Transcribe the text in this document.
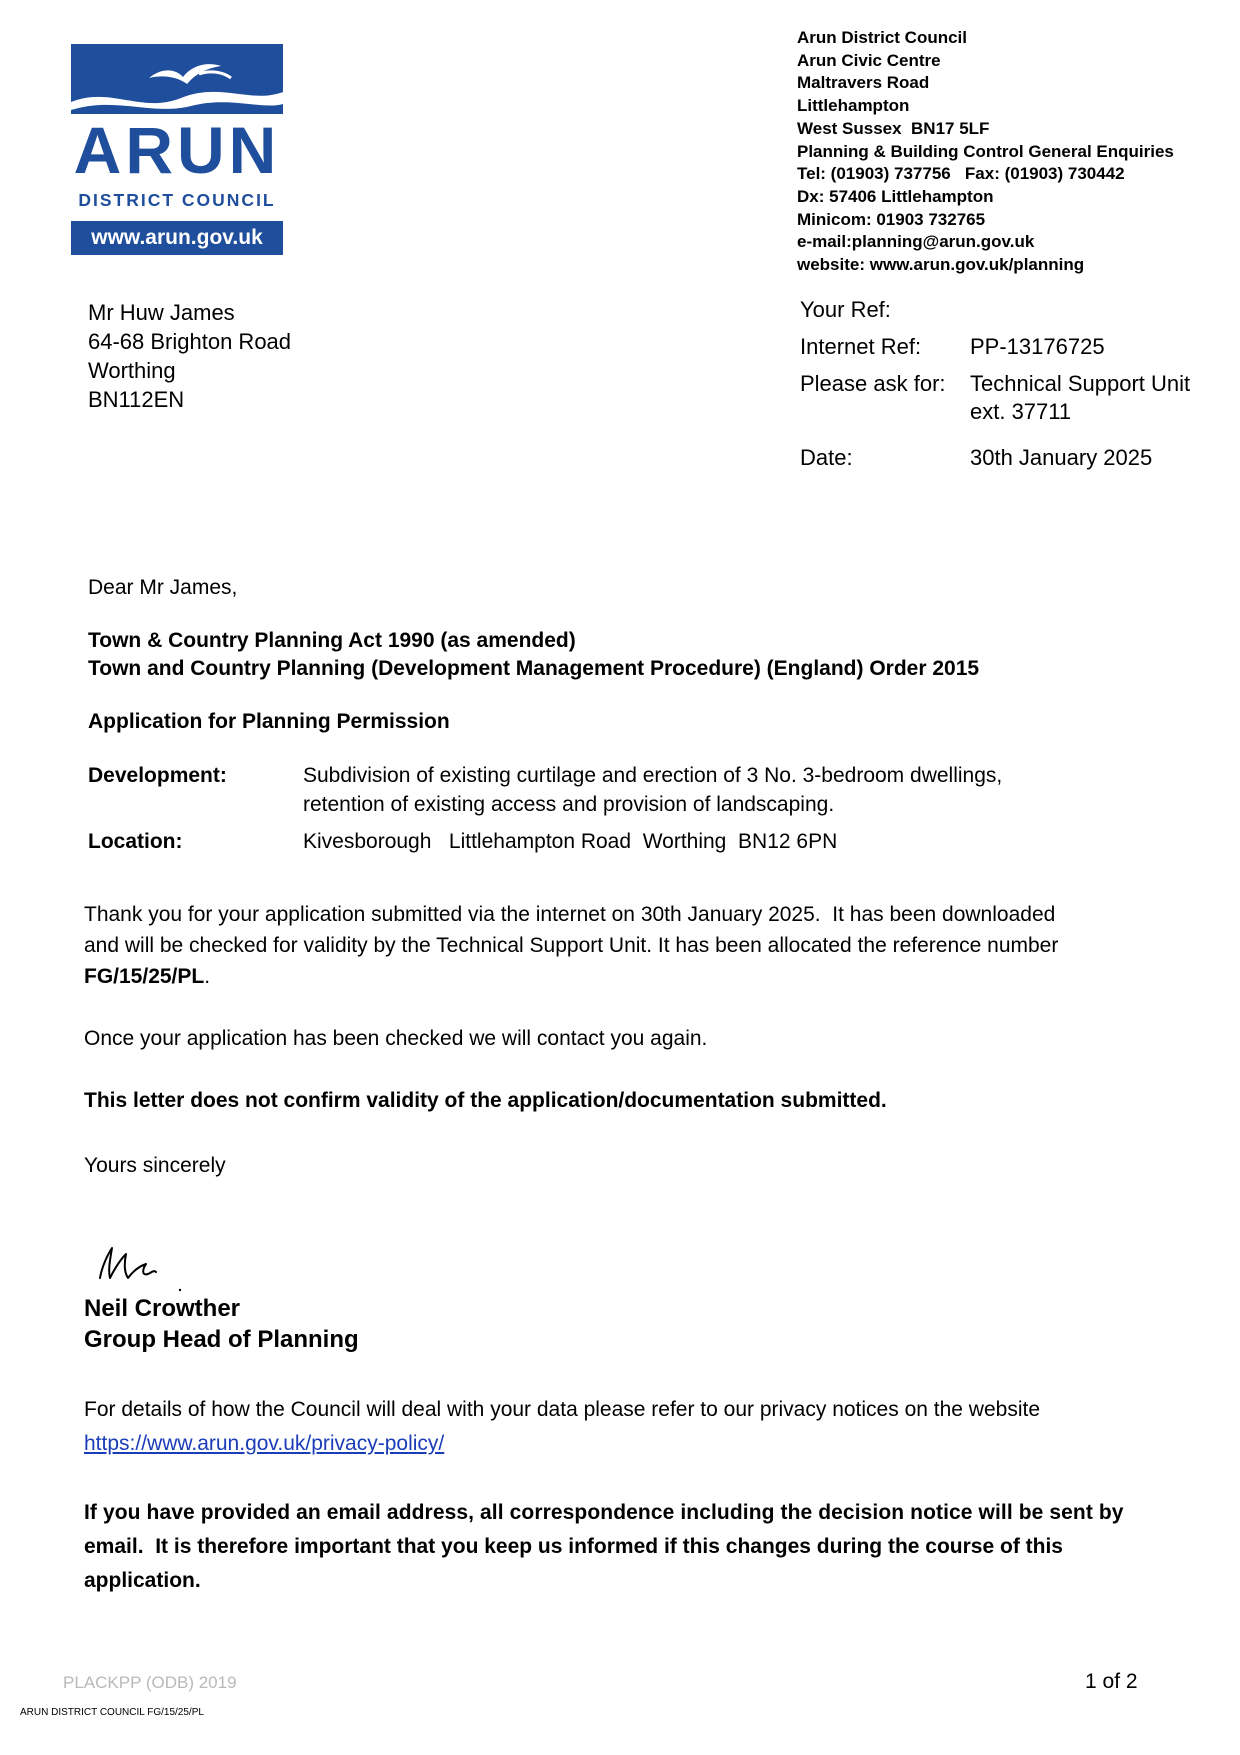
ARUN
DISTRICT COUNCIL
www.arun.gov.uk
Arun District Council
Arun Civic Centre
Maltravers Road
Littlehampton
West Sussex  BN17 5LF
Planning & Building Control General Enquiries
Tel: (01903) 737756   Fax: (01903) 730442
Dx: 57406 Littlehampton
Minicom: 01903 732765
e-mail:planning@arun.gov.uk
website: www.arun.gov.uk/planning
Mr Huw James
64-68 Brighton Road
Worthing
BN112EN
Your Ref:
Internet Ref: PP-13176725
Please ask for: Technical Support Unit
ext. 37711
Date:	30th January 2025
Dear Mr James,
Town & Country Planning Act 1990 (as amended)
Town and Country Planning (Development Management Procedure) (England) Order 2015
Application for Planning Permission
Development:	Subdivision of existing curtilage and erection of 3 No. 3-bedroom dwellings,
retention of existing access and provision of landscaping.
Location:	Kivesborough   Littlehampton Road  Worthing  BN12 6PN
Thank you for your application submitted via the internet on 30th January 2025.  It has been downloaded
and will be checked for validity by the Technical Support Unit. It has been allocated the reference number
FG/15/25/PL.
Once your application has been checked we will contact you again.
This letter does not confirm validity of the application/documentation submitted.
Yours sincerely
Neil Crowther
Group Head of Planning
For details of how the Council will deal with your data please refer to our privacy notices on the website
https://www.arun.gov.uk/privacy-policy/
If you have provided an email address, all correspondence including the decision notice will be sent by
email.  It is therefore important that you keep us informed if this changes during the course of this
application.
PLACKPP (ODB) 2019	1 of 2
ARUN DISTRICT COUNCIL FG/15/25/PL
